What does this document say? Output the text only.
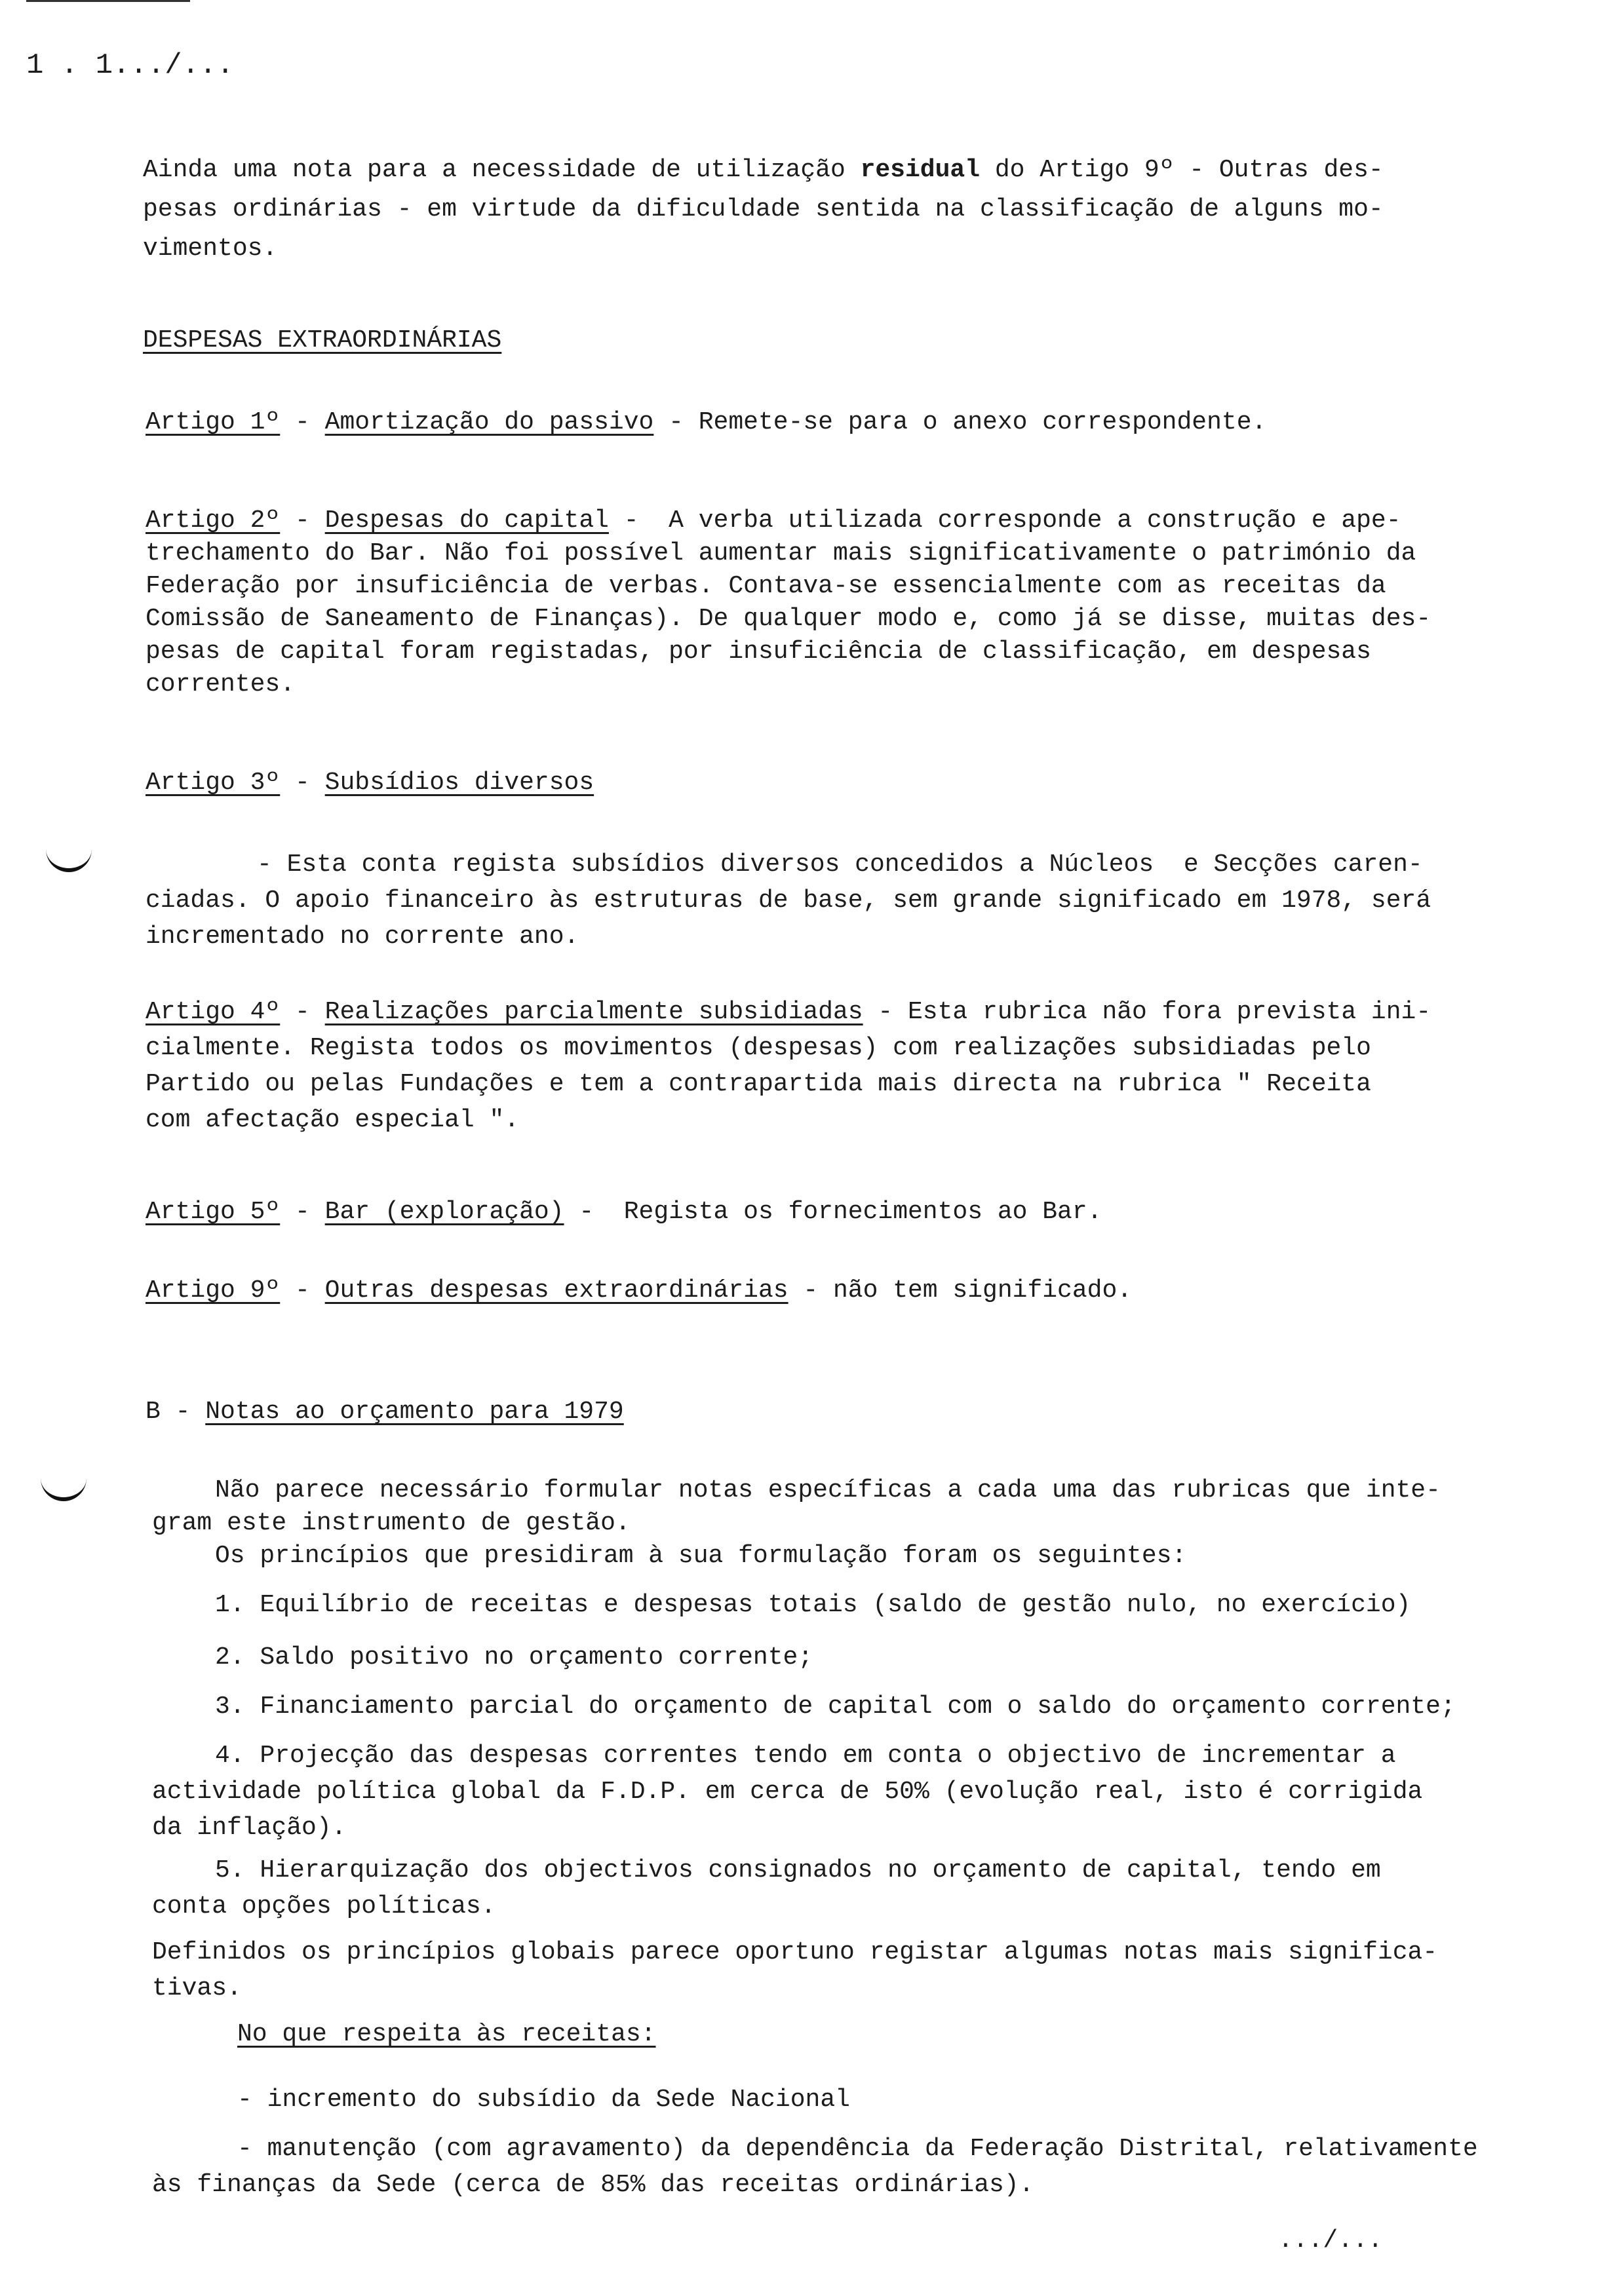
1 . 1.../...
Ainda uma nota para a necessidade de utilização residual do Artigo 9º - Outras des-
pesas ordinárias - em virtude da dificuldade sentida na classificação de alguns mo-
vimentos.
DESPESAS EXTRAORDINÁRIAS
Artigo 1º - Amortização do passivo - Remete-se para o anexo correspondente.
Artigo 2º - Despesas do capital -  A verba utilizada corresponde a construção e ape-
trechamento do Bar. Não foi possível aumentar mais significativamente o património da
Federação por insuficiência de verbas. Contava-se essencialmente com as receitas da
Comissão de Saneamento de Finanças). De qualquer modo e, como já se disse, muitas des-
pesas de capital foram registadas, por insuficiência de classificação, em despesas
correntes.
Artigo 3º - Subsídios diversos
- Esta conta regista subsídios diversos concedidos a Núcleos  e Secções caren-
ciadas. O apoio financeiro às estruturas de base, sem grande significado em 1978, será
incrementado no corrente ano.
Artigo 4º - Realizações parcialmente subsidiadas - Esta rubrica não fora prevista ini-
cialmente. Regista todos os movimentos (despesas) com realizações subsidiadas pelo
Partido ou pelas Fundações e tem a contrapartida mais directa na rubrica " Receita
com afectação especial ".
Artigo 5º - Bar (exploração) -  Regista os fornecimentos ao Bar.
Artigo 9º - Outras despesas extraordinárias - não tem significado.
B - Notas ao orçamento para 1979
Não parece necessário formular notas específicas a cada uma das rubricas que inte-
gram este instrumento de gestão.
Os princípios que presidiram à sua formulação foram os seguintes:
1. Equilíbrio de receitas e despesas totais (saldo de gestão nulo, no exercício)
2. Saldo positivo no orçamento corrente;
3. Financiamento parcial do orçamento de capital com o saldo do orçamento corrente;
4. Projecção das despesas correntes tendo em conta o objectivo de incrementar a
actividade política global da F.D.P. em cerca de 50% (evolução real, isto é corrigida
da inflação).
5. Hierarquização dos objectivos consignados no orçamento de capital, tendo em
conta opções políticas.
Definidos os princípios globais parece oportuno registar algumas notas mais significa-
tivas.
No que respeita às receitas:
- incremento do subsídio da Sede Nacional
- manutenção (com agravamento) da dependência da Federação Distrital, relativamente
às finanças da Sede (cerca de 85% das receitas ordinárias).
.../...
